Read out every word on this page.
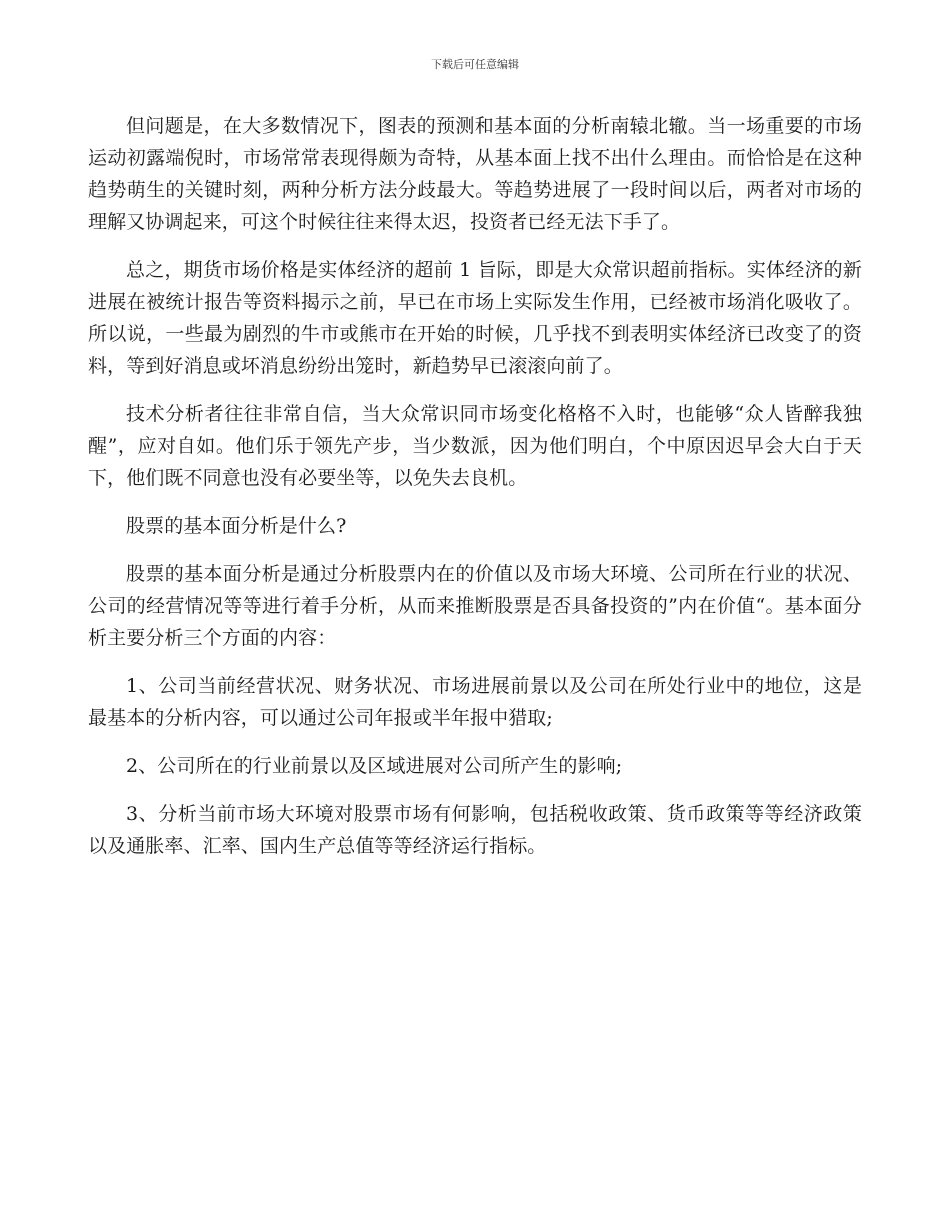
下载后可任意编辑

但问题是，在大多数情况下，图表的预测和基本面的分析南辕北辙。当一场重要的市场运动初露端倪时，市场常常表现得颇为奇特，从基本面上找不出什么理由。而恰恰是在这种趋势萌生的关键时刻，两种分析方法分歧最大。等趋势进展了一段时间以后，两者对市场的理解又协调起来，可这个时候往往来得太迟，投资者已经无法下手了。

总之，期货市场价格是实体经济的超前 1 旨际，即是大众常识超前指标。实体经济的新进展在被统计报告等资料揭示之前，早已在市场上实际发生作用，已经被市场消化吸收了。所以说，一些最为剧烈的牛市或熊市在开始的时候，几乎找不到表明实体经济已改变了的资料，等到好消息或坏消息纷纷出笼时，新趋势早已滚滚向前了。

技术分析者往往非常自信，当大众常识同市场变化格格不入时，也能够“众人皆醉我独醒”，应对自如。他们乐于领先产步，当少数派，因为他们明白，个中原因迟早会大白于天下，他们既不同意也没有必要坐等，以免失去良机。

股票的基本面分析是什么?

股票的基本面分析是通过分析股票内在的价值以及市场大环境、公司所在行业的状况、公司的经营情况等等进行着手分析，从而来推断股票是否具备投资的”内在价值“。基本面分析主要分析三个方面的内容：

1、公司当前经营状况、财务状况、市场进展前景以及公司在所处行业中的地位，这是最基本的分析内容，可以通过公司年报或半年报中猎取;

2、公司所在的行业前景以及区域进展对公司所产生的影响;

3、分析当前市场大环境对股票市场有何影响，包括税收政策、货币政策等等经济政策以及通胀率、汇率、国内生产总值等等经济运行指标。
